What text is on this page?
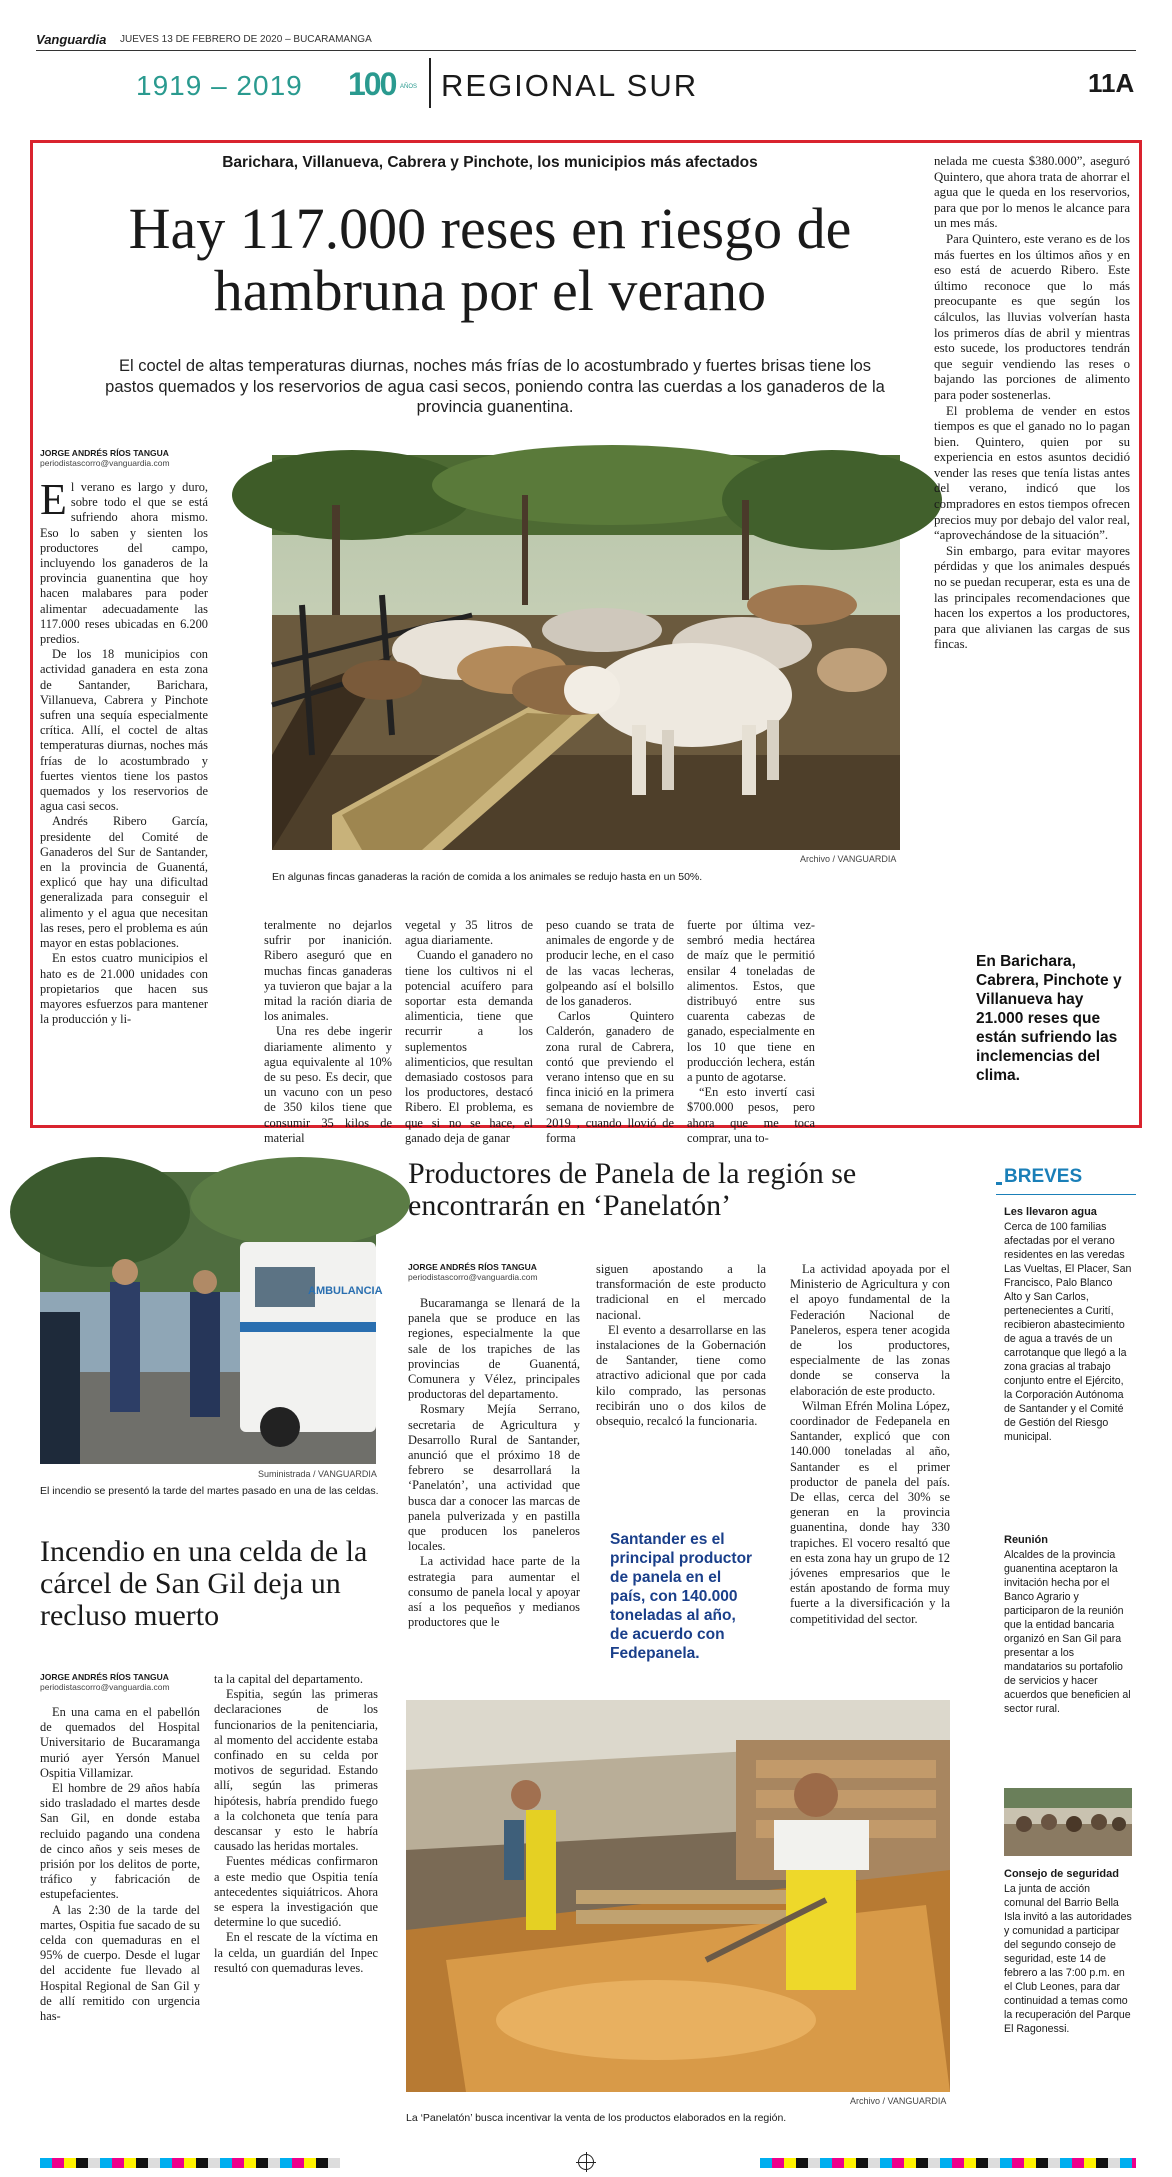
Vanguardia JUEVES 13 DE FEBRERO DE 2020 – BUCARAMANGA
1919 – 2019 100 AÑOS REGIONAL SUR	11A
Barichara, Villanueva, Cabrera y Pinchote, los municipios más afectados
Hay 117.000 reses en riesgo de
hambruna por el verano
El coctel de altas temperaturas diurnas, noches más frías de lo acostumbrado y fuertes brisas tiene los pastos quemados y los reservorios de agua casi secos, poniendo contra las cuerdas a los ganaderos de la provincia guanentina.
JORGE ANDRÉS RÍOS TANGUA
periodistascorro@vanguardia.com

El verano es largo y duro, sobre todo el que se está sufriendo ahora mismo. Eso lo saben y sienten los productores del campo, incluyendo los ganaderos de la provincia guanentina que hoy hacen malabares para poder alimentar adecuadamente las 117.000 reses ubicadas en 6.200 predios.

De los 18 municipios con actividad ganadera en esta zona de Santander, Barichara, Villanueva, Cabrera y Pinchote sufren una sequía especialmente crítica. Allí, el coctel de altas temperaturas diurnas, noches más frías de lo acostumbrado y fuertes vientos tiene los pastos quemados y los reservorios de agua casi secos.

Andrés Ribero García, presidente del Comité de Ganaderos del Sur de Santander, en la provincia de Guanentá, explicó que hay una dificultad generalizada para conseguir el alimento y el agua que necesitan las reses, pero el problema es aún mayor en estas poblaciones.

En estos cuatro municipios el hato es de 21.000 unidades con propietarios que hacen sus mayores esfuerzos para mantener la producción y li-

Archivo / VANGUARDIA
En algunas fincas ganaderas la ración de comida a los animales se redujo hasta en un 50%.

teralmente no dejarlos sufrir por inanición. Ribero aseguró que en muchas fincas ganaderas ya tuvieron que bajar a la mitad la ración diaria de los animales.

Una res debe ingerir diariamente alimento y agua equivalente al 10% de su peso. Es decir, que un vacuno con un peso de 350 kilos tiene que consumir 35 kilos de material

vegetal y 35 litros de agua diariamente.

Cuando el ganadero no tiene los cultivos ni el potencial acuífero para soportar esta demanda alimenticia, tiene que recurrir a los suplementos alimenticios, que resultan demasiado costosos para los productores, destacó Ribero. El problema, es que si no se hace, el ganado deja de ganar

peso cuando se trata de animales de engorde y de producir leche, en el caso de las vacas lecheras, golpeando así el bolsillo de los ganaderos.

Carlos Quintero Calderón, ganadero de zona rural de Cabrera, contó que previendo el verano intenso que en su finca inició en la primera semana de noviembre de 2019 , cuando llovió de forma

fuerte por última vez- sembró media hectárea de maíz que le permitió ensilar 4 toneladas de alimentos. Estos, que distribuyó entre sus cuarenta cabezas de ganado, especialmente en los 10 que tiene en producción lechera, están a punto de agotarse.

“En esto invertí casi $700.000 pesos, pero ahora que me toca comprar, una to-

nelada me cuesta $380.000”, aseguró Quintero, que ahora trata de ahorrar el agua que le queda en los reservorios, para que por lo menos le alcance para un mes más.

Para Quintero, este verano es de los más fuertes en los últimos años y en eso está de acuerdo Ribero. Este último reconoce que lo más preocupante es que según los cálculos, las lluvias volverían hasta los primeros días de abril y mientras esto sucede, los productores tendrán que seguir vendiendo las reses o bajando las porciones de alimento para poder sostenerlas.

El problema de vender en estos tiempos es que el ganado no lo pagan bien. Quintero, quien por su experiencia en estos asuntos decidió vender las reses que tenía listas antes del verano, indicó que los compradores en estos tiempos ofrecen precios muy por debajo del valor real, “aprovechándose de la situación”.

Sin embargo, para evitar mayores pérdidas y que los animales después no se puedan recuperar, esta es una de las principales recomendaciones que hacen los expertos a los productores, para que alivianen las cargas de sus fincas.

En Barichara, Cabrera, Pinchote y Villanueva hay 21.000 reses que están sufriendo las inclemencias del clima.
AMBULANCIA
Suministrada / VANGUARDIA
El incendio se presentó la tarde del martes pasado en una de las celdas.
Incendio en una celda de la cárcel de San Gil deja un recluso muerto
JORGE ANDRÉS RÍOS TANGUA
periodistascorro@vanguardia.com

En una cama en el pabellón de quemados del Hospital Universitario de Bucaramanga murió ayer Yersón Manuel Ospitia Villamizar.

El hombre de 29 años había sido trasladado el martes desde San Gil, en donde estaba recluido pagando una condena de cinco años y seis meses de prisión por los delitos de porte, tráfico y fabricación de estupefacientes.

A las 2:30 de la tarde del martes, Ospitia fue sacado de su celda con quemaduras en el 95% de cuerpo. Desde el lugar del accidente fue llevado al Hospital Regional de San Gil y de allí remitido con urgencia has-

ta la capital del departamento.

Espitia, según las primeras declaraciones de los funcionarios de la penitenciaria, al momento del accidente estaba confinado en su celda por motivos de seguridad. Estando allí, según las primeras hipótesis, habría prendido fuego a la colchoneta que tenía para descansar y esto le habría causado las heridas mortales.

Fuentes médicas confirmaron a este medio que Ospitia tenía antecedentes siquiátricos. Ahora se espera la investigación que determine lo que sucedió.

En el rescate de la víctima en la celda, un guardián del Inpec resultó con quemaduras leves.

Productores de Panela de la región se encontrarán en ‘Panelatón’
JORGE ANDRÉS RÍOS TANGUA
periodistascorro@vanguardia.com

Bucaramanga se llenará de la panela que se produce en las regiones, especialmente la que sale de los trapiches de las provincias de Guanentá, Comunera y Vélez, principales productoras del departamento.

Rosmary Mejía Serrano, secretaria de Agricultura y Desarrollo Rural de Santander, anunció que el próximo 18 de febrero se desarrollará la ‘Panelatón’, una actividad que busca dar a conocer las marcas de panela pulverizada y en pastilla que producen los paneleros locales.

La actividad hace parte de la estrategia para aumentar el consumo de panela local y apoyar así a los pequeños y medianos productores que le

siguen apostando a la transformación de este producto tradicional en el mercado nacional.

El evento a desarrollarse en las instalaciones de la Gobernación de Santander, tiene como atractivo adicional que por cada kilo comprado, las personas recibirán uno o dos kilos de obsequio, recalcó la funcionaria.

Santander es el principal productor de panela en el país, con 140.000 toneladas al año, de acuerdo con Fedepanela.

La actividad apoyada por el Ministerio de Agricultura y con el apoyo fundamental de la Federación Nacional de Paneleros, espera tener acogida de los productores, especialmente de las zonas donde se conserva la elaboración de este producto.

Wilman Efrén Molina López, coordinador de Fedepanela en Santander, explicó que con 140.000 toneladas al año, Santander es el primer productor de panela del país. De ellas, cerca del 30% se generan en la provincia guanentina, donde hay 330 trapiches. El vocero resaltó que en esta zona hay un grupo de 12 jóvenes empresarios que le están apostando de forma muy fuerte a la diversificación y la competitividad del sector.

Archivo / VANGUARDIA
La ‘Panelatón’ busca incentivar la venta de los productos elaborados en la región.
BREVES
Les llevaron agua

Cerca de 100 familias afectadas por el verano residentes en las veredas Las Vueltas, El Placer, San Francisco, Palo Blanco Alto y San Carlos, pertenecientes a Curití, recibieron abastecimiento de agua a través de un carrotanque que llegó a la zona gracias al trabajo conjunto entre el Ejército, la Corporación Autónoma de Santander y el Comité de Gestión del Riesgo municipal.

Reunión

Alcaldes de la provincia guanentina aceptaron la invitación hecha por el Banco Agrario y participaron de la reunión que la entidad bancaria organizó en San Gil para presentar a los mandatarios su portafolio de servicios y hacer acuerdos que beneficien al sector rural.

Consejo de seguridad

La junta de acción comunal del Barrio Bella Isla invitó a las autoridades y comunidad a participar del segundo consejo de seguridad, este 14 de febrero a las 7:00 p.m. en el Club Leones, para dar continuidad a temas como la recuperación del Parque El Ragonessi.
